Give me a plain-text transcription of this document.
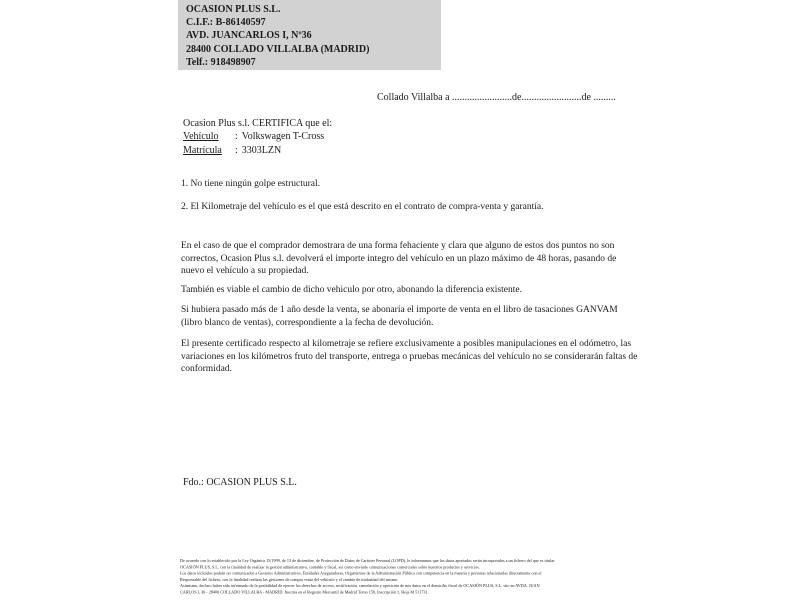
OCASION PLUS S.L.
C.I.F.: B-86140597
AVD. JUANCARLOS I, Nº36
28400 COLLADO VILLALBA (MADRID)
Telf.: 918498907
Collado Villalba a ........................de........................de .........
Ocasion Plus s.l. CERTIFICA que el:
Vehículo : Volkswagen T-Cross
Matrícula : 3303LZN
1. No tiene ningún golpe estructural.
2. El Kilometraje del vehículo es el que está descrito en el contrato de compra-venta y garantía.
En el caso de que el comprador demostrara de una forma fehaciente y clara que alguno de estos dos puntos no son correctos, Ocasion Plus s.l. devolverá el importe integro del vehículo en un plazo máximo de 48 horas, pasando de nuevo el vehículo a su propiedad.
También es viable el cambio de dicho vehiculo por otro, abonando la diferencia existente.
Si hubiera pasado más de 1 año desde la venta, se abonaría el importe de venta en el libro de tasaciones GANVAM (libro blanco de ventas), correspondiente a la fecha de devolución.
El presente certificado respecto al kilometraje se refiere exclusivamente a posibles manipulaciones en el odómetro, las variaciones en los kilómetros fruto del transporte, entrega o pruebas mecánicas del vehículo no se considerarán faltas de conformidad.
Fdo.: OCASION PLUS S.L.
De acuerdo con lo establecido por la Ley Orgánica 15/1999, de 13 de diciembre, de Protección de Datos de Carácter Personal (LOPD), le informamos que los datos aportados serán incorporados a un fichero del que es titular
OCASIÓN PLUS, S.L. con la finalidad de realizar la gestión administrativa, contable y fiscal, así como enviarle comunicaciones comerciales sobre nuestros productos y servicios.
Los datos incluidos podrán ser comunicados a Gestores Administrativos, Entidades Aseguradoras, Organismos de la Administración Pública con competencia en la materia y personas relacionadas directamente con el
Responsable del fichero, con la finalidad realizar las gestiones de compra venta del vehículo y el cambio de titularidad del mismo.
Asimismo, declaro haber sido informado de la posibilidad de ejercer los derechos de acceso, rectificación, cancelación y oposición de mis datos en el domicilio fiscal de OCASIÓN PLUS, S.L. sito en AVDA. JUAN
CARLOS I, 36 - 28400 COLLADO VILLALBA - MADRID. Inscrita en el Registro Mercantil de Madrid Tomo 150, Inscripción 1, Hoja M 511731.
